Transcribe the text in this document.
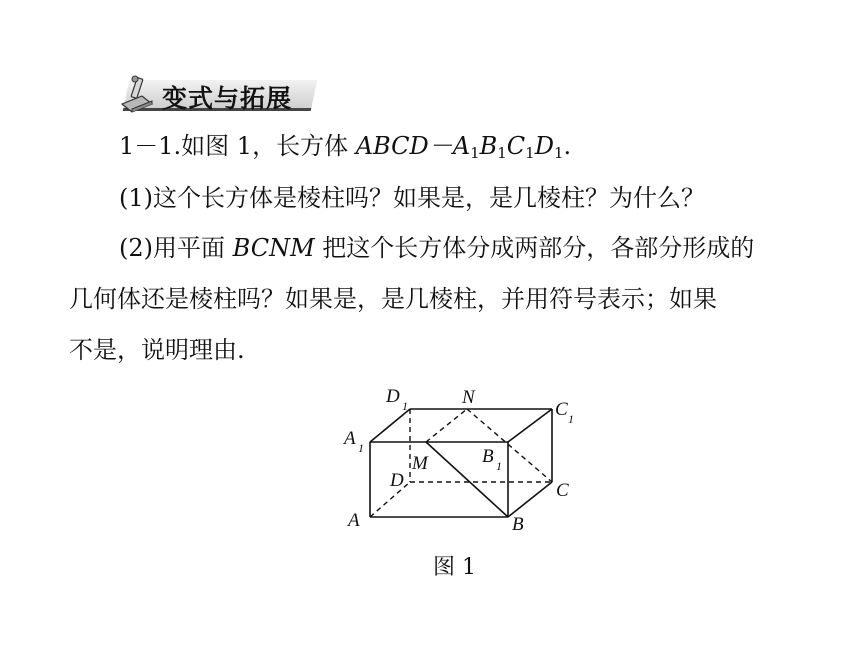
变式与拓展
1－1.如图 1，长方体 $ABCD-A_1B_1C_1D_1$.
(1)这个长方体是棱柱吗？如果是，是几棱柱？为什么？
(2)用平面 BCNM 把这个长方体分成两部分，各部分形成的
几何体还是棱柱吗？如果是，是几棱柱，并用符号表示；如果
不是，说明理由.
A 1
D 1	N
C 1
M	B 1
D	C
A	B
图 1
